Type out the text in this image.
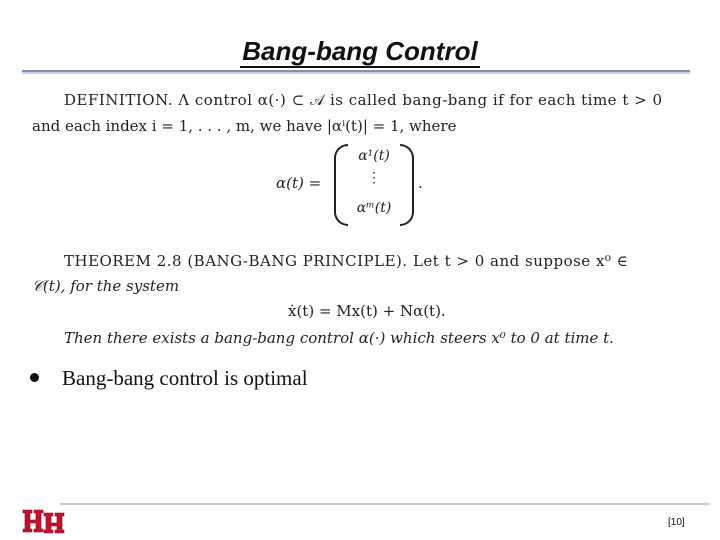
Bang-bang Control
DEFINITION. Λ control α(·) ⊂ 𝒜 is called bang-bang if for each time t > 0
and each index i = 1, . . . , m, we have |αⁱ(t)| = 1, where
α(t) =
α¹(t)
⋮
αᵐ(t)
.
THEOREM 2.8 (BANG-BANG PRINCIPLE). Let t > 0 and suppose x⁰ ∈
𝒞(t), for the system
ẋ(t) = Mx(t) + Nα(t).
Then there exists a bang-bang control α(·) which steers x⁰ to 0 at time t.
Bang-bang control is optimal
[10]
